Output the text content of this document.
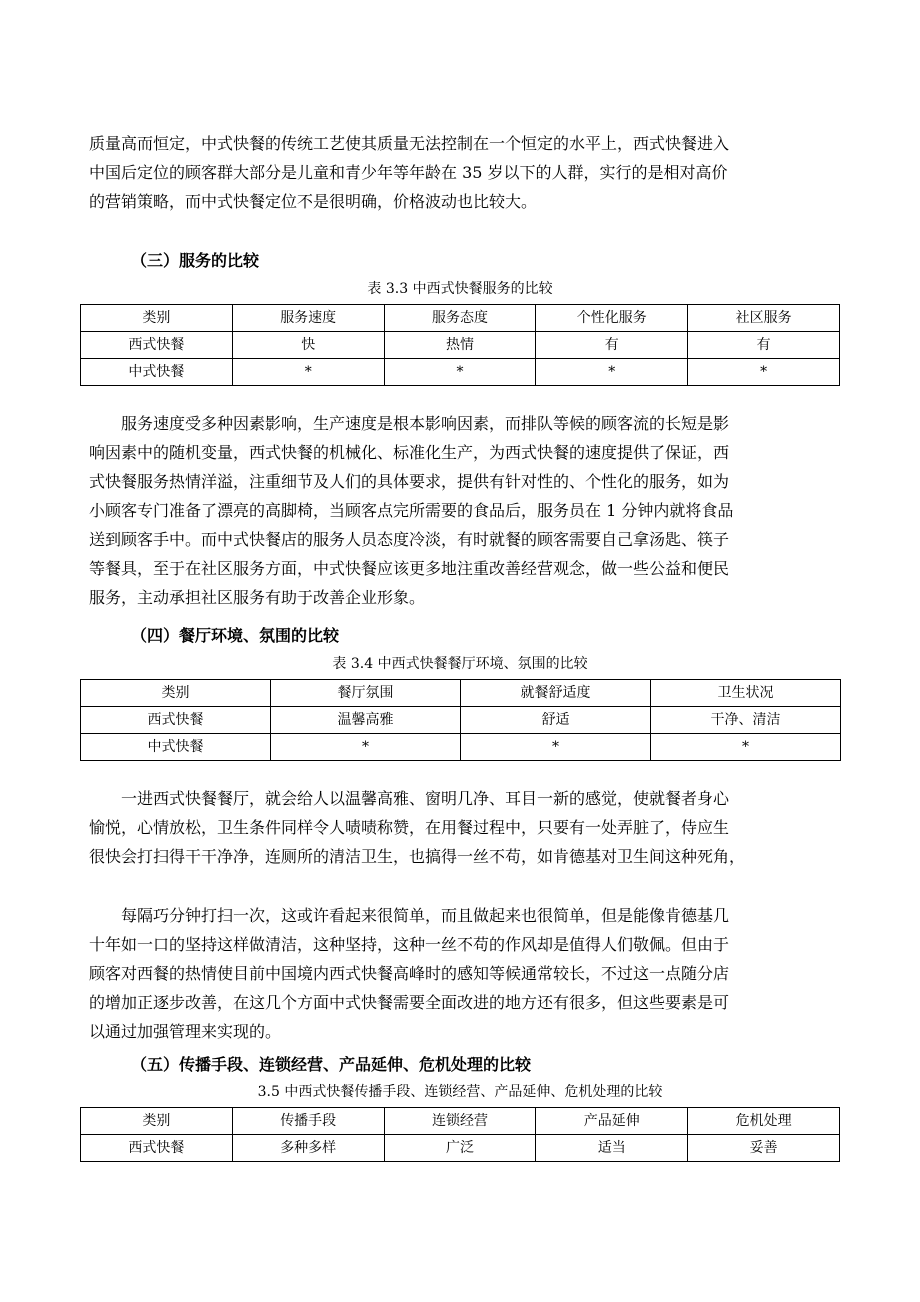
质量高而恒定，中式快餐的传统工艺使其质量无法控制在一个恒定的水平上，西式快餐进入
中国后定位的顾客群大部分是儿童和青少年等年龄在 35 岁以下的人群，实行的是相对高价
的营销策略，而中式快餐定位不是很明确，价格波动也比较大。
（三）服务的比较

表 3.3 中西式快餐服务的比较

类别	服务速度	服务态度	个性化服务	社区服务
西式快餐	快	热情	有	有
中式快餐	*	*	*	*
服务速度受多种因素影响，生产速度是根本影响因素，而排队等候的顾客流的长短是影
响因素中的随机变量，西式快餐的机械化、标准化生产，为西式快餐的速度提供了保证，西
式快餐服务热情洋溢，注重细节及人们的具体要求，提供有针对性的、个性化的服务，如为
小顾客专门准备了漂亮的高脚椅，当顾客点完所需要的食品后，服务员在 1 分钟内就将食品
送到顾客手中。而中式快餐店的服务人员态度冷淡，有时就餐的顾客需要自己拿汤匙、筷子
等餐具，至于在社区服务方面，中式快餐应该更多地注重改善经营观念，做一些公益和便民
服务，主动承担社区服务有助于改善企业形象。
（四）餐厅环境、氛围的比较

表 3.4 中西式快餐餐厅环境、氛围的比较

类别	餐厅氛围	就餐舒适度	卫生状况
西式快餐	温馨高雅	舒适	干净、清洁
中式快餐	*	*	*
一进西式快餐餐厅，就会给人以温馨高雅、窗明几净、耳目一新的感觉，使就餐者身心
愉悦，心情放松，卫生条件同样令人啧啧称赞，在用餐过程中，只要有一处弄脏了，侍应生
很快会打扫得干干净净，连厕所的清洁卫生，也搞得一丝不苟，如肯德基对卫生间这种死角，
每隔巧分钟打扫一次，这或许看起来很简单，而且做起来也很简单，但是能像肯德基几
十年如一口的坚持这样做清洁，这种坚持，这种一丝不苟的作风却是值得人们敬佩。但由于
顾客对西餐的热情使目前中国境内西式快餐高峰时的感知等候通常较长，不过这一点随分店
的增加正逐步改善，在这几个方面中式快餐需要全面改进的地方还有很多，但这些要素是可
以通过加强管理来实现的。
（五）传播手段、连锁经营、产品延伸、危机处理的比较

3.5 中西式快餐传播手段、连锁经营、产品延伸、危机处理的比较

类别	传播手段	连锁经营	产品延伸	危机处理
西式快餐	多种多样	广泛	适当	妥善
